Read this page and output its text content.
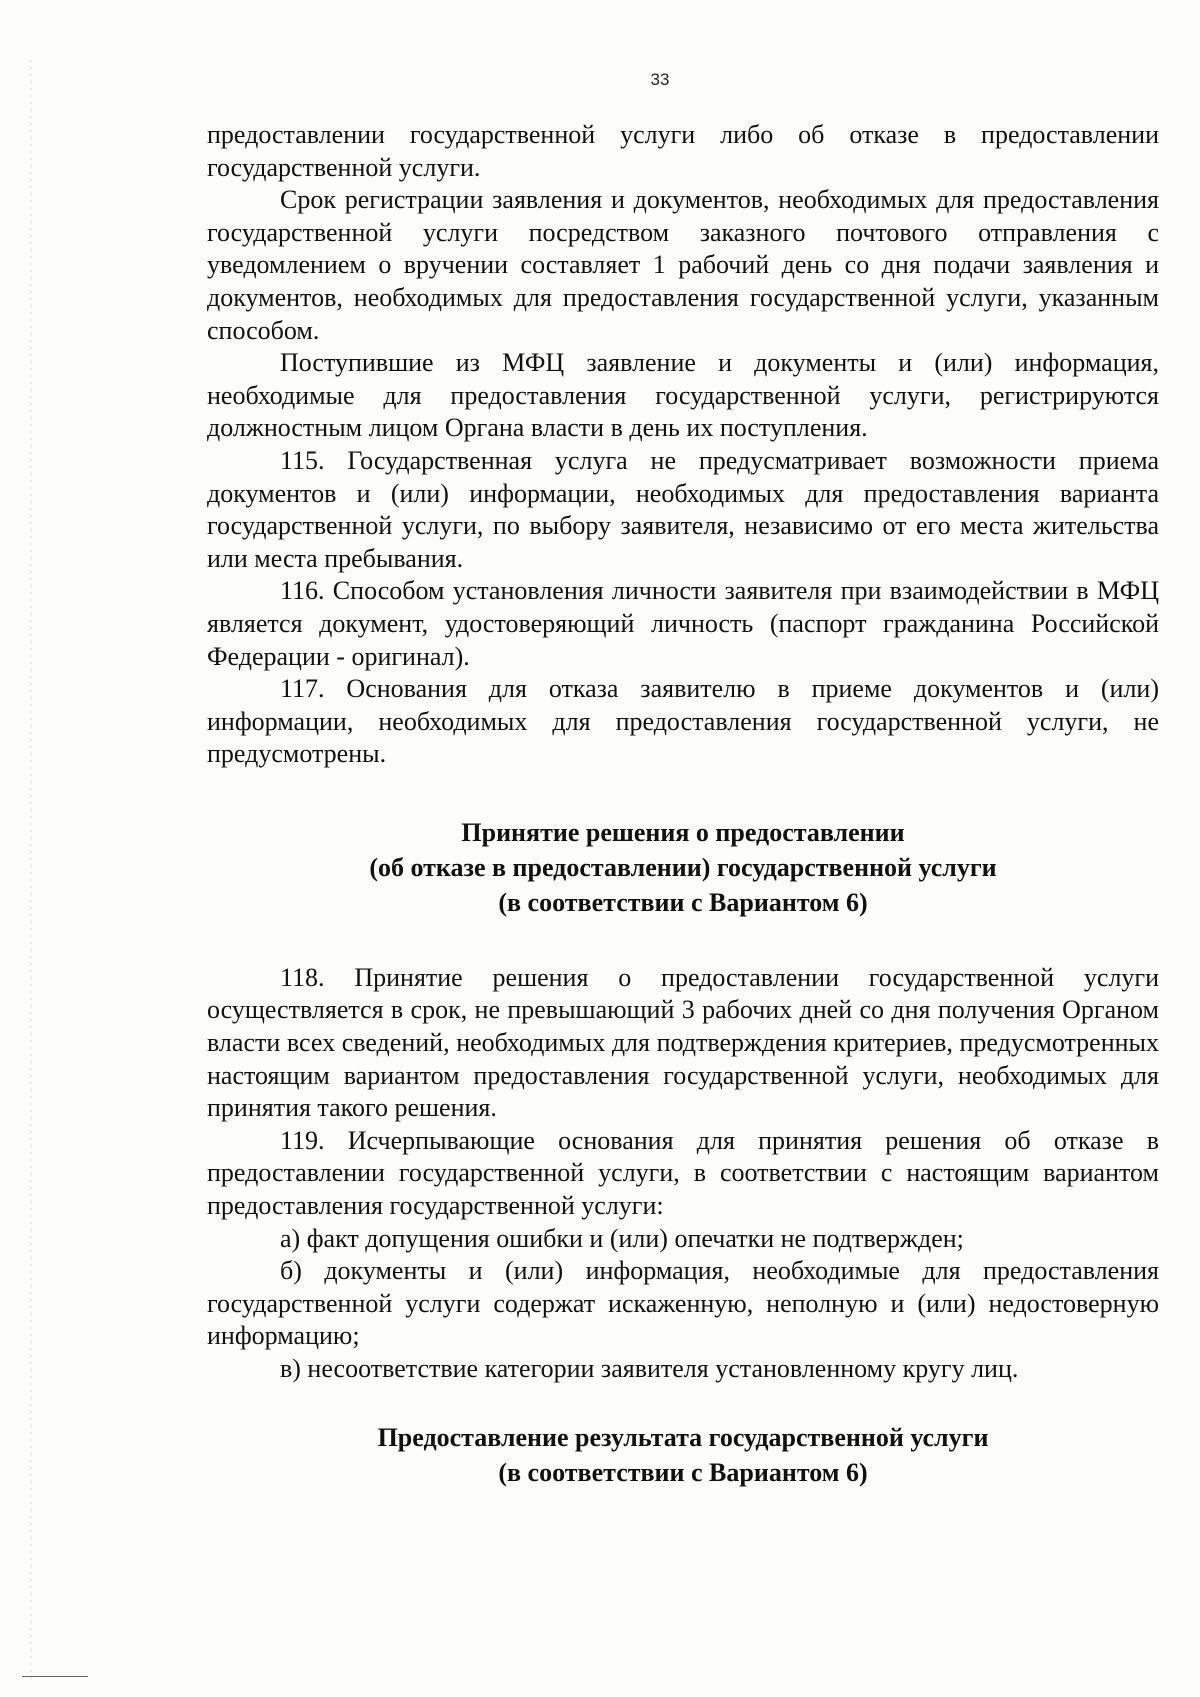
33

предоставлении государственной услуги либо об отказе в предоставлении государственной услуги.

Срок регистрации заявления и документов, необходимых для предоставления государственной услуги посредством заказного почтового отправления с уведомлением о вручении составляет 1 рабочий день со дня подачи заявления и документов, необходимых для предоставления государственной услуги, указанным способом.

Поступившие из МФЦ заявление и документы и (или) информация, необходимые для предоставления государственной услуги, регистрируются должностным лицом Органа власти в день их поступления.

115. Государственная услуга не предусматривает возможности приема документов и (или) информации, необходимых для предоставления варианта государственной услуги, по выбору заявителя, независимо от его места жительства или места пребывания.

116. Способом установления личности заявителя при взаимодействии в МФЦ является документ, удостоверяющий личность (паспорт гражданина Российской Федерации - оригинал).

117. Основания для отказа заявителю в приеме документов и (или) информации, необходимых для предоставления государственной услуги, не предусмотрены.

Принятие решения о предоставлении

(об отказе в предоставлении) государственной услуги

(в соответствии с Вариантом 6)

118. Принятие решения о предоставлении государственной услуги осуществляется в срок, не превышающий 3 рабочих дней со дня получения Органом власти всех сведений, необходимых для подтверждения критериев, предусмотренных настоящим вариантом предоставления государственной услуги, необходимых для принятия такого решения.

119. Исчерпывающие основания для принятия решения об отказе в предоставлении государственной услуги, в соответствии с настоящим вариантом предоставления государственной услуги:

а) факт допущения ошибки и (или) опечатки не подтвержден;

б) документы и (или) информация, необходимые для предоставления государственной услуги содержат искаженную, неполную и (или) недостоверную информацию;

в) несоответствие категории заявителя установленному кругу лиц.

Предоставление результата государственной услуги

(в соответствии с Вариантом 6)
